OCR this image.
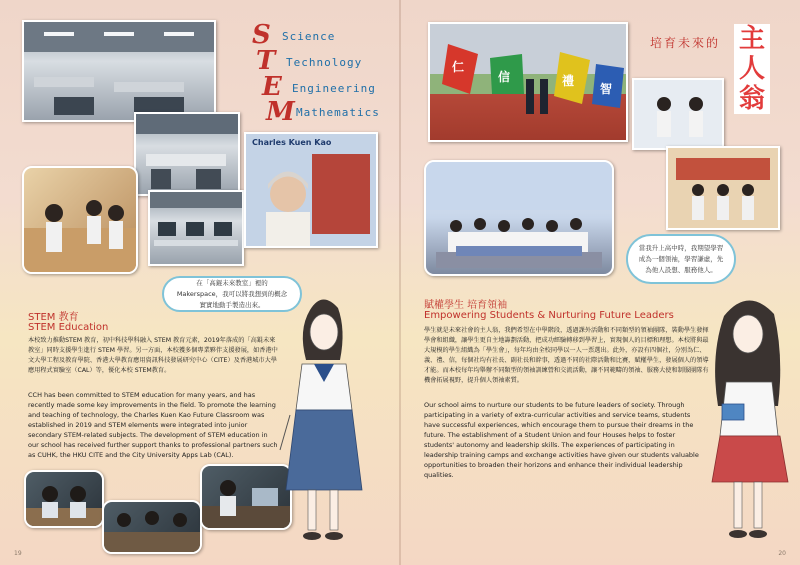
Charles Kuen Kao
S
T
E
M
Science
Technology
Engineering
Mathematics
在「高錕未來教室」裡的Makerspace，我可以將我想到的概念實實地動手製造出來。
STEM 教育
STEM Education
本校致力推動STEM 教育，初中科技學科融入 STEM 教育元素，2019年落成的「高錕未來教室」同時支援學生進行 STEM 學習。另一方面，本校獲多個專業夥伴支援發展，如香港中文大學工程及教育學院、香港大學教育應用資訊科技發展研究中心（CITE）及香港城市大學應用程式實驗室（CAL）等，優化本校 STEM教育。
CCH has been committed to STEM education for many years, and has recently made some key improvements in the field. To promote the learning and teaching of technology, the Charles Kuen Kao Future Classroom was established in 2019 and STEM elements were integrated into junior secondary STEM-related subjects. The development of STEM education in our school has received further support thanks to professional partners such as CUHK, the HKU CITE and the City University Apps Lab (CAL).
19
仁
信	禮
智
培育未來的 主
人
翁
當我升上高中時，我期望學習成為一個領袖，學習謙虛，先為他人設想、服務他人。
賦權學生 培育領袖
Empowering Students & Nurturing Future Leaders
學生就是未來社會的主人翁，我們希望在中學階段，透過課外活動和不同類型的領袖團隊，裝動學生發揮學會和組織，讓學生更自主地籌劃活動，把成功經驗轉移到學習上，實現個人的目標和理想。本校將與最大規模的學生組織為「學生會」，每年均由全校同學以一人一票選出。此外，亦設有四個社，分別為仁、義、禮、信，每個社均有社長、副社長和幹事，透過不同的社際活動和比賽，賦權學生，發展個人的領導才能。而本校每年均舉辦不同類型的領袖訓練營和交流活動，讓不同範疇的領袖、服務大使和制服團隊有機會拓展視野，提升個人領袖素質。
Our school aims to nurture our students to be future leaders of society. Through participating in a variety of extra-curricular activities and service teams, students have successful experiences, which encourage them to pursue their dreams in the future. The establishment of a Student Union and four Houses helps to foster students' autonomy and leadership skills. The experiences of participating in leadership training camps and exchange activities have given our students valuable opportunities to broaden their horizons and enhance their individual leadership qualities.
20
